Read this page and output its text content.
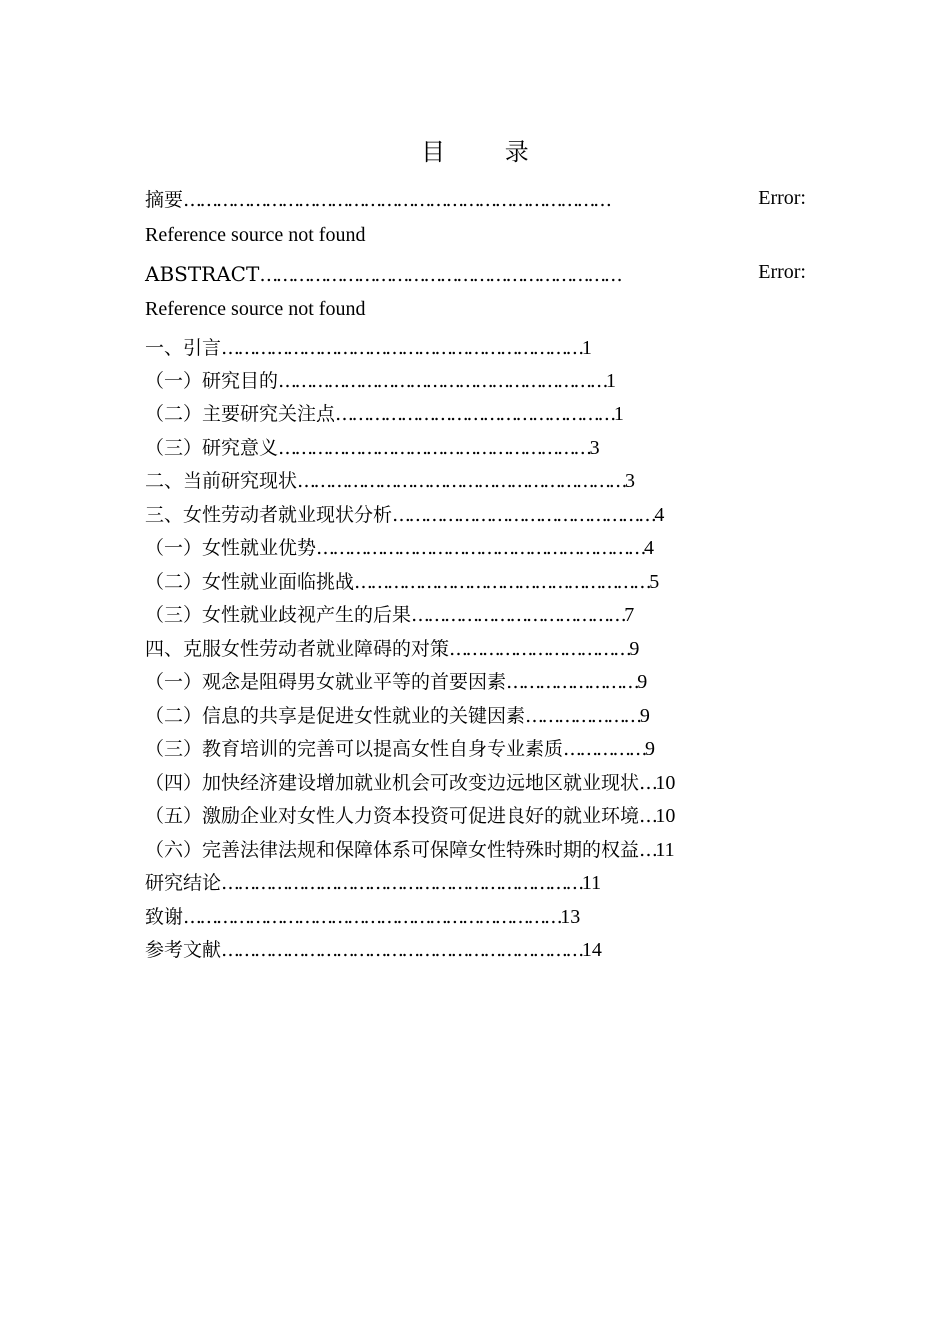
目 录
摘要……………………………………………………………………	Error:
Reference source not found
ABSTRACT…………………………………………………………	Error:
Reference source not found
一、引言…………………………………………………………1
（一）研究目的……………………………………………………1
（二）主要研究关注点……………………………………………1
（三）研究意义…………………………………………………3
二、当前研究现状……………………………………………………3
三、女性劳动者就业现状分析…………………………………………4
（一）女性就业优势……………………………………………………4
（二）女性就业面临挑战………………………………………………5
（三）女性就业歧视产生的后果…………………………………7
四、克服女性劳动者就业障碍的对策……………………………9
（一）观念是阻碍男女就业平等的首要因素……………………9
（二）信息的共享是促进女性就业的关键因素…………………9
（三）教育培训的完善可以提高女性自身专业素质……………9
（四）加快经济建设增加就业机会可改变边远地区就业现状…10
（五）激励企业对女性人力资本投资可促进良好的就业环境…10
（六）完善法律法规和保障体系可保障女性特殊时期的权益…11
研究结论…………………………………………………………11
致谢……………………………………………………………13
参考文献…………………………………………………………14
